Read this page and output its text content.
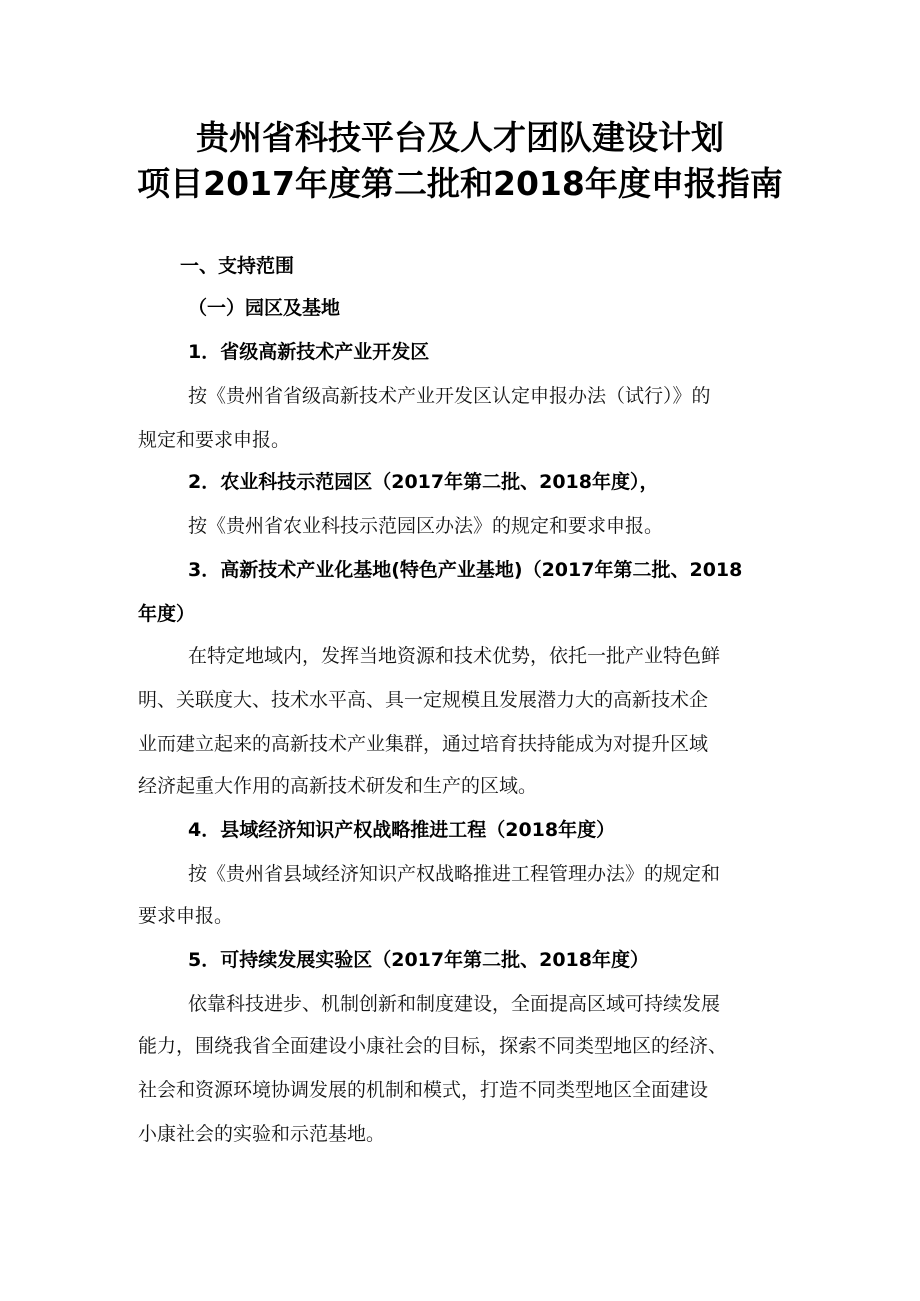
贵州省科技平台及人才团队建设计划
项目2017年度第二批和2018年度申报指南
一、支持范围
（一）园区及基地
1．省级高新技术产业开发区
按《贵州省省级高新技术产业开发区认定申报办法（试行）》的
规定和要求申报。
2．农业科技示范园区（2017年第二批、2018年度），
按《贵州省农业科技示范园区办法》的规定和要求申报。
3．高新技术产业化基地(特色产业基地)（2017年第二批、2018
年度）
在特定地域内，发挥当地资源和技术优势，依托一批产业特色鲜
明、关联度大、技术水平高、具一定规模且发展潜力大的高新技术企
业而建立起来的高新技术产业集群，通过培育扶持能成为对提升区域
经济起重大作用的高新技术研发和生产的区域。
4．县域经济知识产权战略推进工程（2018年度）
按《贵州省县域经济知识产权战略推进工程管理办法》的规定和
要求申报。
5．可持续发展实验区（2017年第二批、2018年度）
依靠科技进步、机制创新和制度建设，全面提高区域可持续发展
能力，围绕我省全面建设小康社会的目标，探索不同类型地区的经济、
社会和资源环境协调发展的机制和模式，打造不同类型地区全面建设
小康社会的实验和示范基地。
